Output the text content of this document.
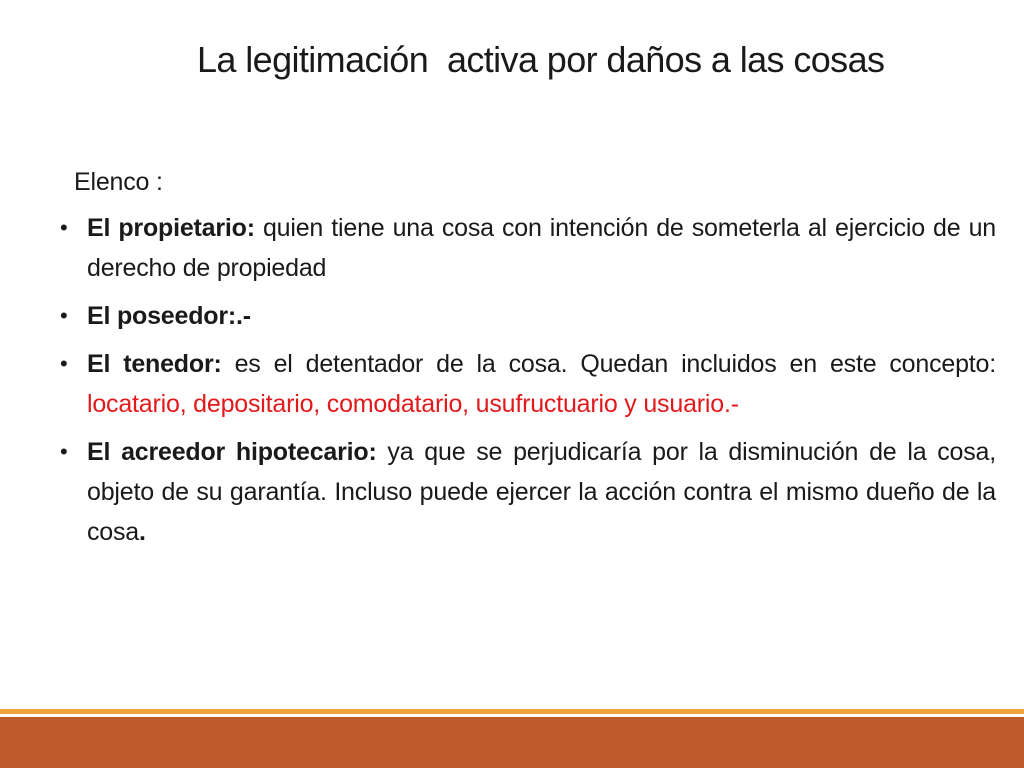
La legitimación  activa por daños a las cosas

Elenco :

• El propietario: quien tiene una cosa con intención de someterla al ejercicio de un derecho de propiedad
• El poseedor:.-
• El tenedor: es el detentador de la cosa. Quedan incluidos en este concepto: locatario, depositario, comodatario, usufructuario y usuario.-
• El acreedor hipotecario: ya que se perjudicaría por la disminución de la cosa, objeto de su garantía. Incluso puede ejercer la acción contra el mismo dueño de la cosa.
